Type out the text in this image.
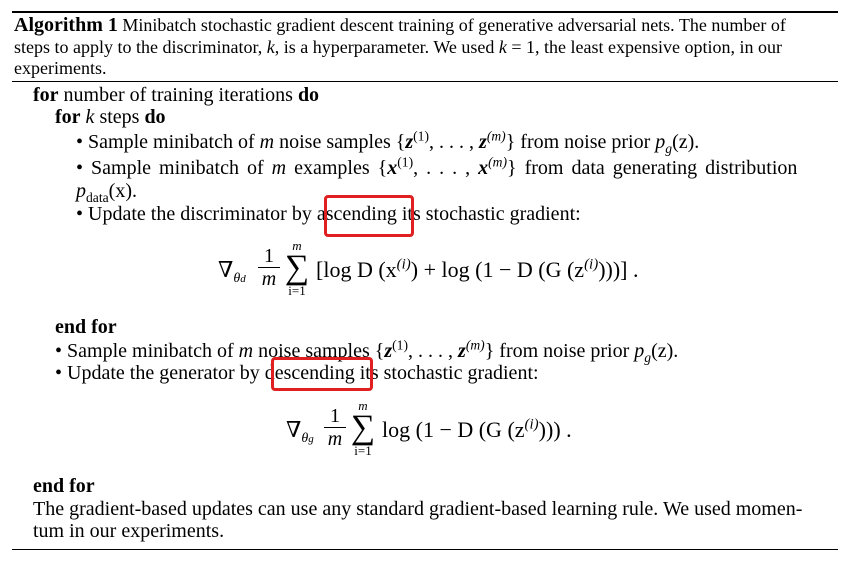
Algorithm 1 Minibatch stochastic gradient descent training of generative adversarial nets. The number of
steps to apply to the discriminator, k, is a hyperparameter. We used k = 1, the least expensive option, in our
experiments.
for number of training iterations do
for k steps do
• Sample minibatch of m noise samples {$z^{(1)}$, . . . , $z^{(m)}$} from noise prior $p_g(z)$.
• Sample minibatch of m examples {$x^{(1)}$, . . . , $x^{(m)}$} from data generating distribution
$p_{data}(x)$.
• Update the discriminator by ascending its stochastic gradient:
$\nabla_{\theta d} \frac{1}{m}$ m
∑
i=1
[log D $(x^{(i)}) + \log (1 - D$ (G $(z^{(i)})$))] .
end for
• Sample minibatch of m noise samples {$z^{(1)}$, . . . , $z^{(m)}$} from noise prior $p_g(z)$.
• Update the generator by descending its stochastic gradient:
$\nabla_{\theta g} \frac{1}{m}$ m
∑
i=1
log (1 − D (G $(z^{(i)})$)) .
end for
The gradient-based updates can use any standard gradient-based learning rule. We used momen-
tum in our experiments.
